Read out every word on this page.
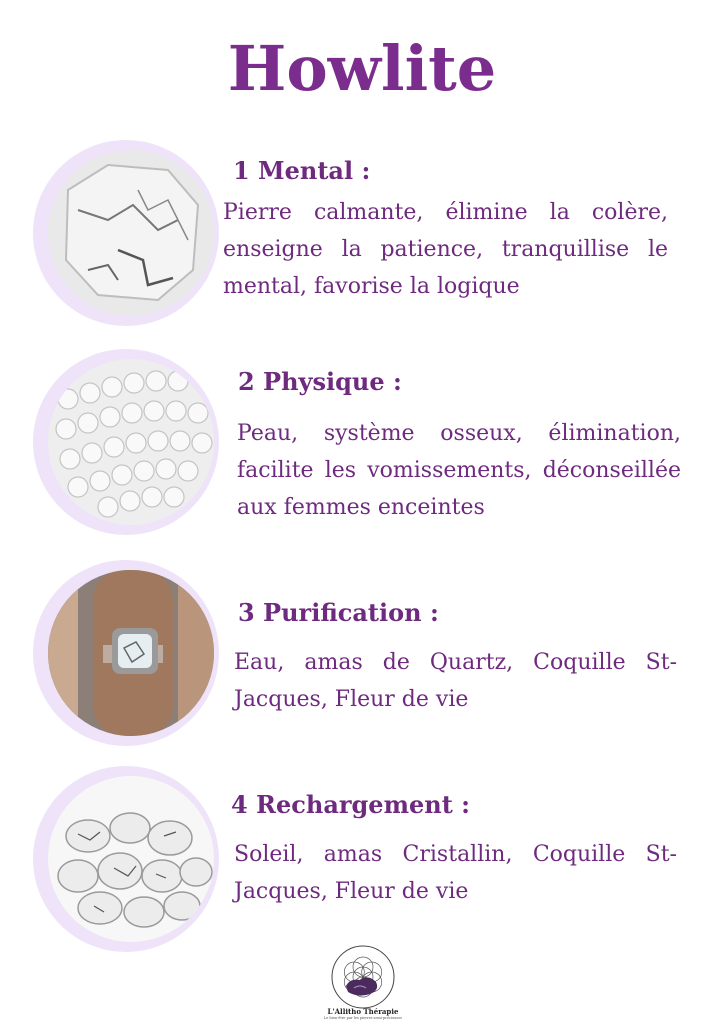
Howlite
1 Mental :
Pierre calmante, élimine la colère, enseigne la patience, tranquillise le mental, favorise la logique
2 Physique :
Peau, système osseux, élimination, facilite les vomissements, déconseillée aux femmes enceintes
3 Purification :
Eau, amas de Quartz, Coquille St-Jacques, Fleur de vie
4 Rechargement :
Soleil, amas Cristallin, Coquille St-Jacques, Fleur de vie
L'Allitho Thérapie
Le bien-être par les pierres semi-précieuses
